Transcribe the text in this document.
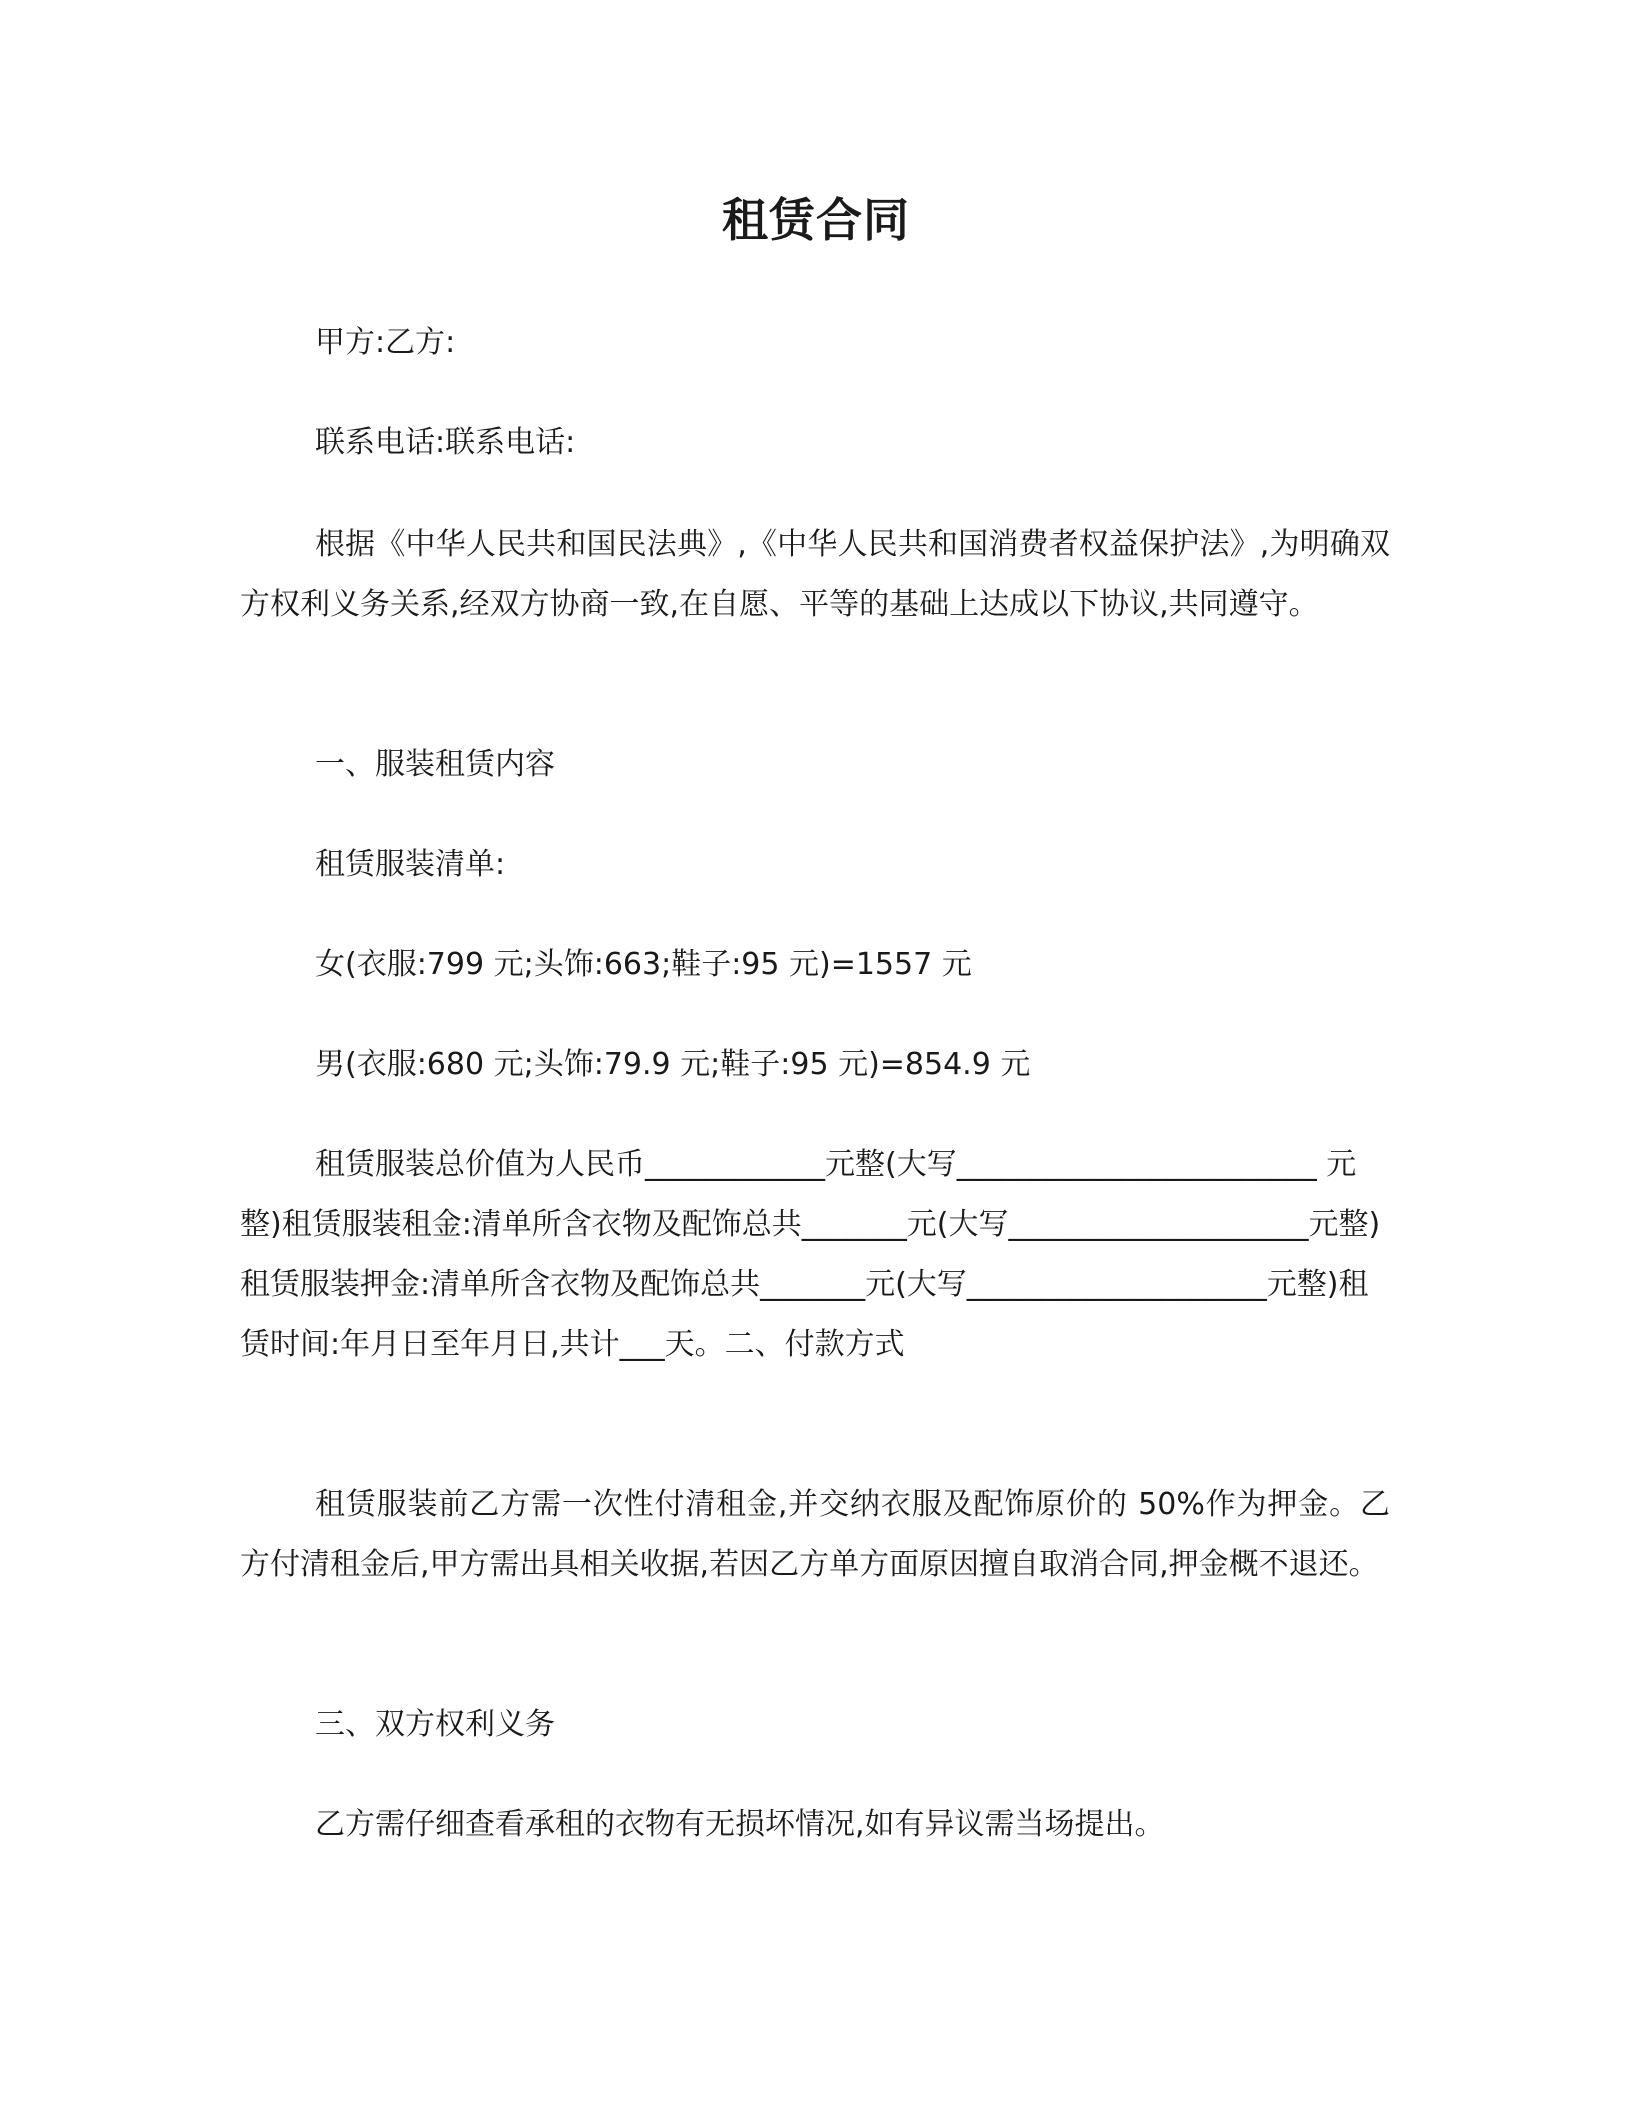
租赁合同
甲方:乙方:
联系电话:联系电话:
根据《中华人民共和国民法典》,《中华人民共和国消费者权益保护法》,为明确双方权利义务关系,经双方协商一致,在自愿、平等的基础上达成以下协议,共同遵守。
一、服装租赁内容
租赁服装清单:
女(衣服:799 元;头饰:663;鞋子:95 元)=1557 元
男(衣服:680 元;头饰:79.9 元;鞋子:95 元)=854.9 元
租赁服装总价值为人民币____________元整(大写________________________ 元整)租赁服装租金:清单所含衣物及配饰总共_______元(大写____________________元整)租赁服装押金:清单所含衣物及配饰总共_______元(大写____________________元整)租赁时间:年月日至年月日,共计___天。二、付款方式
租赁服装前乙方需一次性付清租金,并交纳衣服及配饰原价的 50%作为押金。乙方付清租金后,甲方需出具相关收据,若因乙方单方面原因擅自取消合同,押金概不退还。
三、双方权利义务
乙方需仔细查看承租的衣物有无损坏情况,如有异议需当场提出。
